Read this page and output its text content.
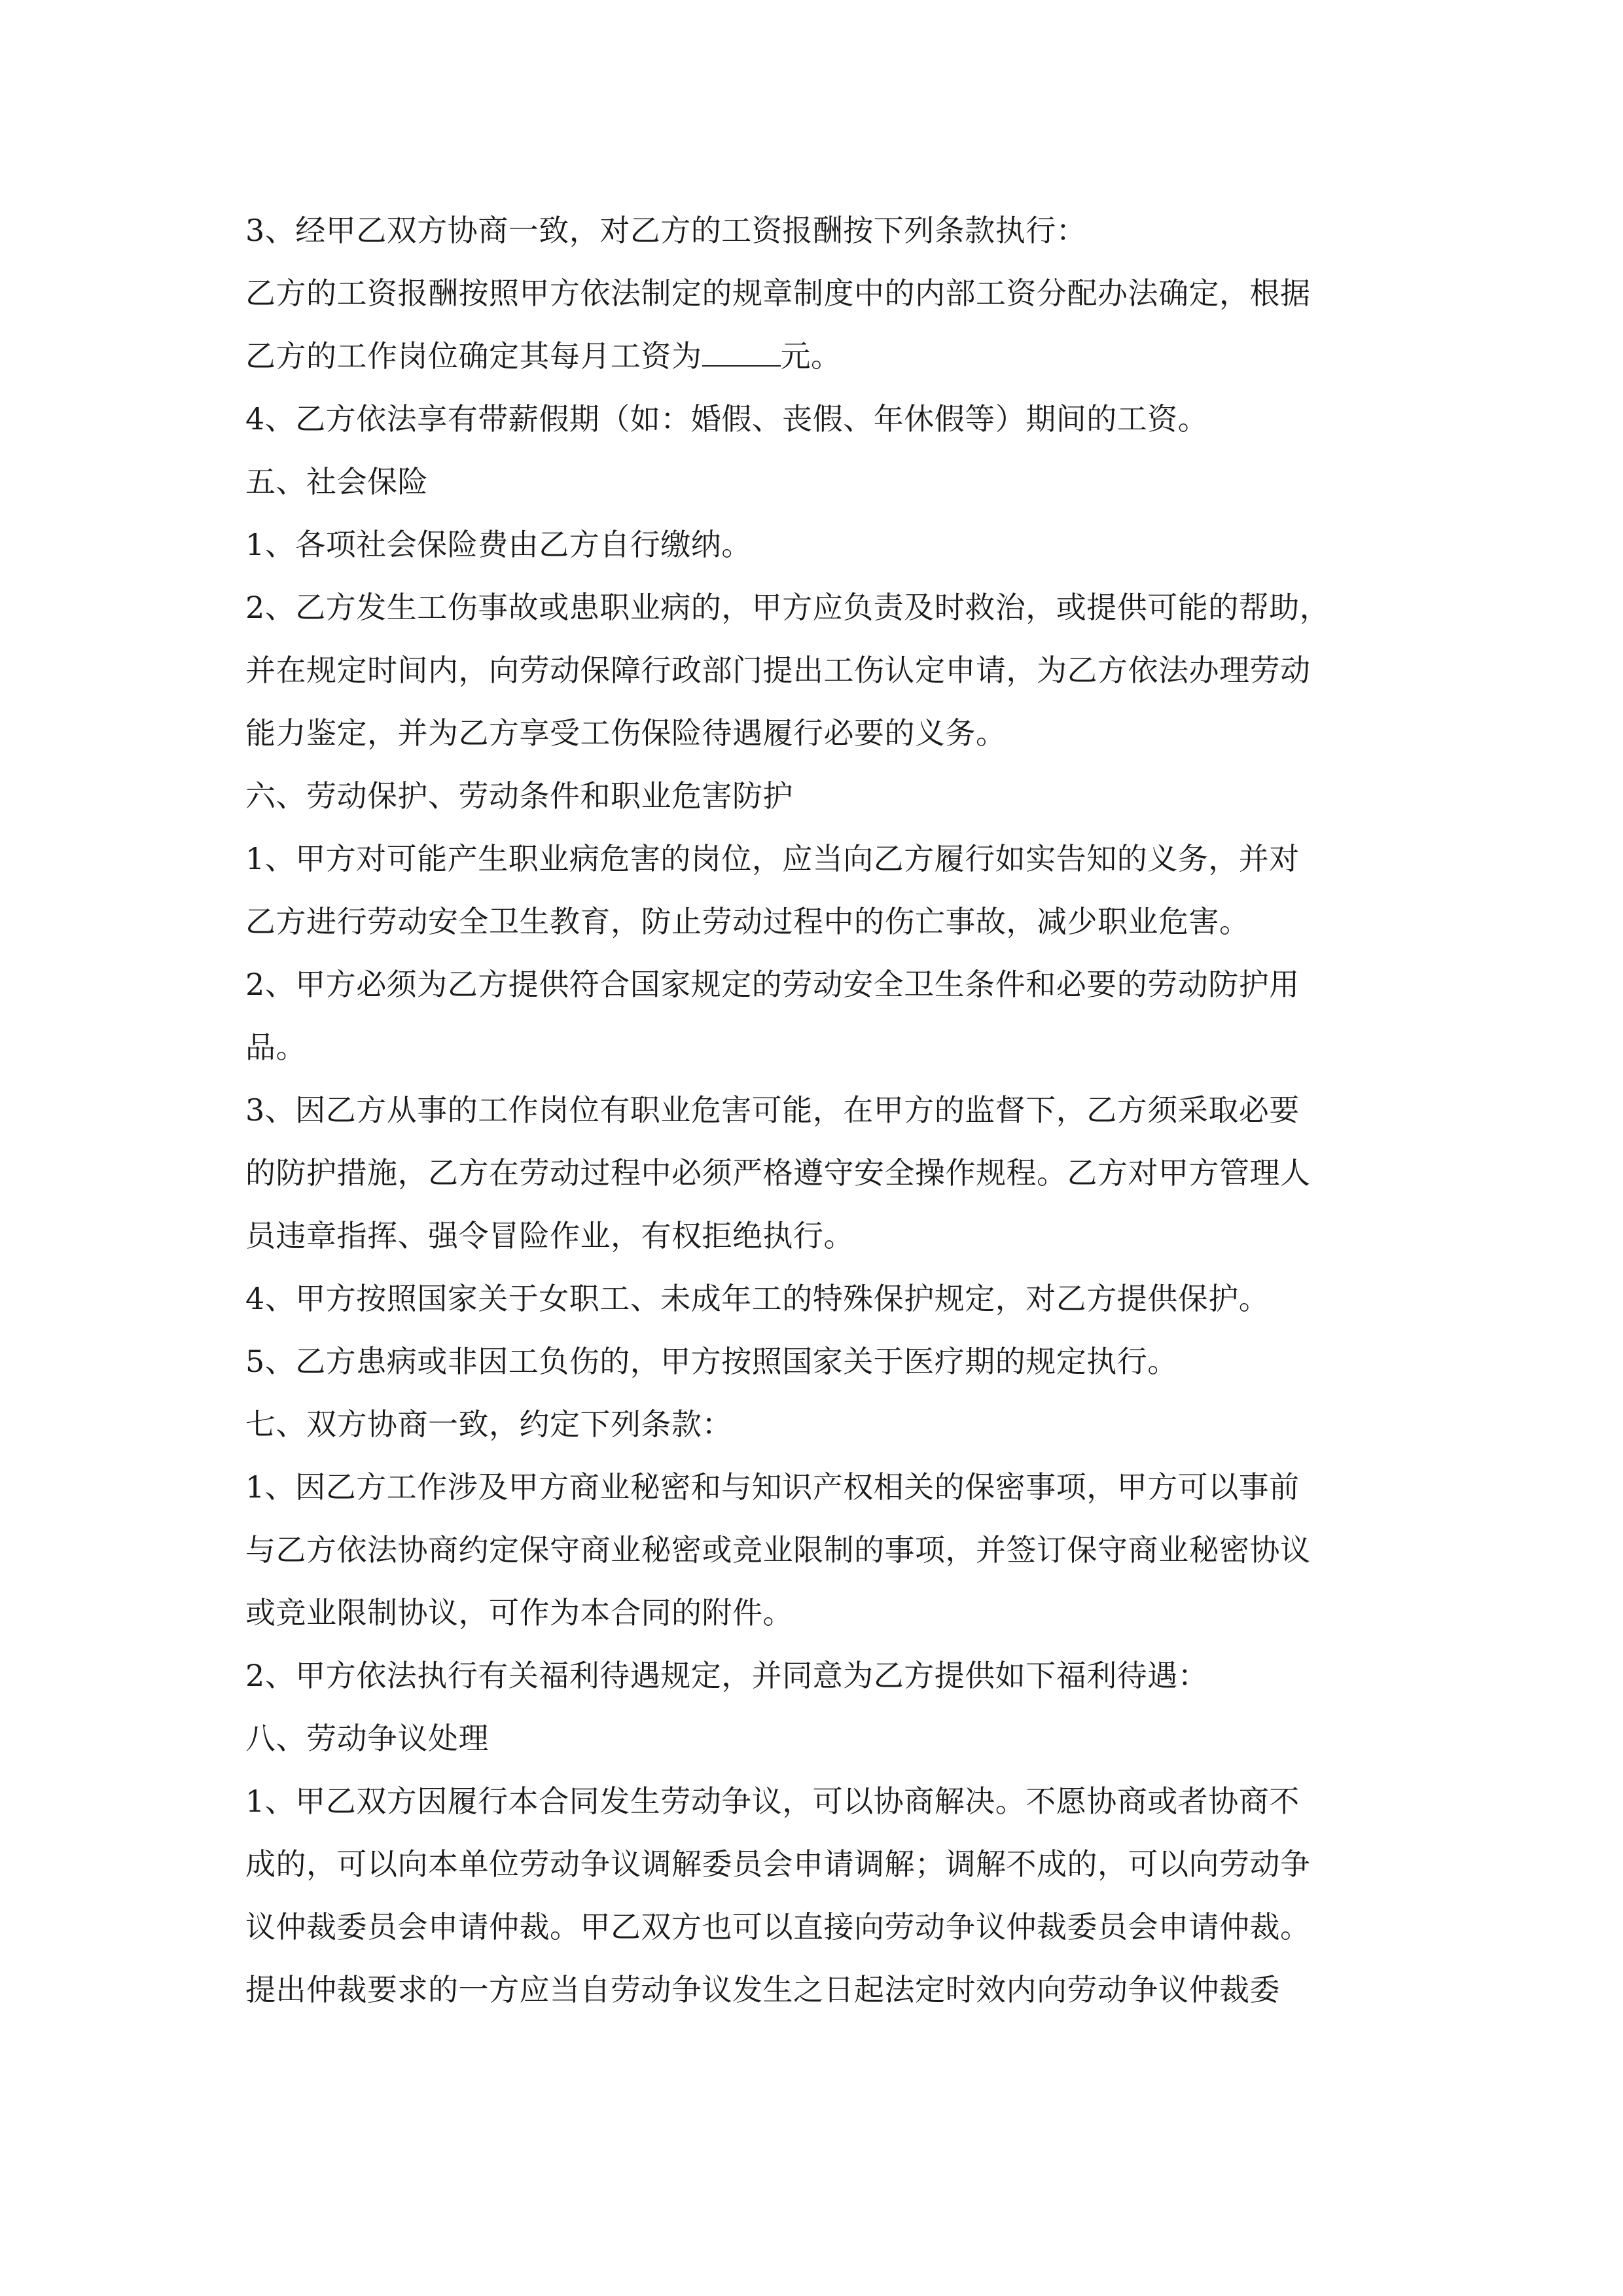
3、经甲乙双方协商一致，对乙方的工资报酬按下列条款执行：
乙方的工资报酬按照甲方依法制定的规章制度中的内部工资分配办法确定，根据
乙方的工作岗位确定其每月工资为	元。
4、乙方依法享有带薪假期（如：婚假、丧假、年休假等）期间的工资。
五、社会保险
1、各项社会保险费由乙方自行缴纳。
2、乙方发生工伤事故或患职业病的，甲方应负责及时救治，或提供可能的帮助，
并在规定时间内，向劳动保障行政部门提出工伤认定申请，为乙方依法办理劳动
能力鉴定，并为乙方享受工伤保险待遇履行必要的义务。
六、劳动保护、劳动条件和职业危害防护
1、甲方对可能产生职业病危害的岗位，应当向乙方履行如实告知的义务，并对
乙方进行劳动安全卫生教育，防止劳动过程中的伤亡事故，减少职业危害。
2、甲方必须为乙方提供符合国家规定的劳动安全卫生条件和必要的劳动防护用
品。
3、因乙方从事的工作岗位有职业危害可能，在甲方的监督下，乙方须采取必要
的防护措施，乙方在劳动过程中必须严格遵守安全操作规程。乙方对甲方管理人
员违章指挥、强令冒险作业，有权拒绝执行。
4、甲方按照国家关于女职工、未成年工的特殊保护规定，对乙方提供保护。
5、乙方患病或非因工负伤的，甲方按照国家关于医疗期的规定执行。
七、双方协商一致，约定下列条款：
1、因乙方工作涉及甲方商业秘密和与知识产权相关的保密事项，甲方可以事前
与乙方依法协商约定保守商业秘密或竞业限制的事项，并签订保守商业秘密协议
或竞业限制协议，可作为本合同的附件。
2、甲方依法执行有关福利待遇规定，并同意为乙方提供如下福利待遇：
八、劳动争议处理
1、甲乙双方因履行本合同发生劳动争议，可以协商解决。不愿协商或者协商不
成的，可以向本单位劳动争议调解委员会申请调解；调解不成的，可以向劳动争
议仲裁委员会申请仲裁。甲乙双方也可以直接向劳动争议仲裁委员会申请仲裁。
提出仲裁要求的一方应当自劳动争议发生之日起法定时效内向劳动争议仲裁委
